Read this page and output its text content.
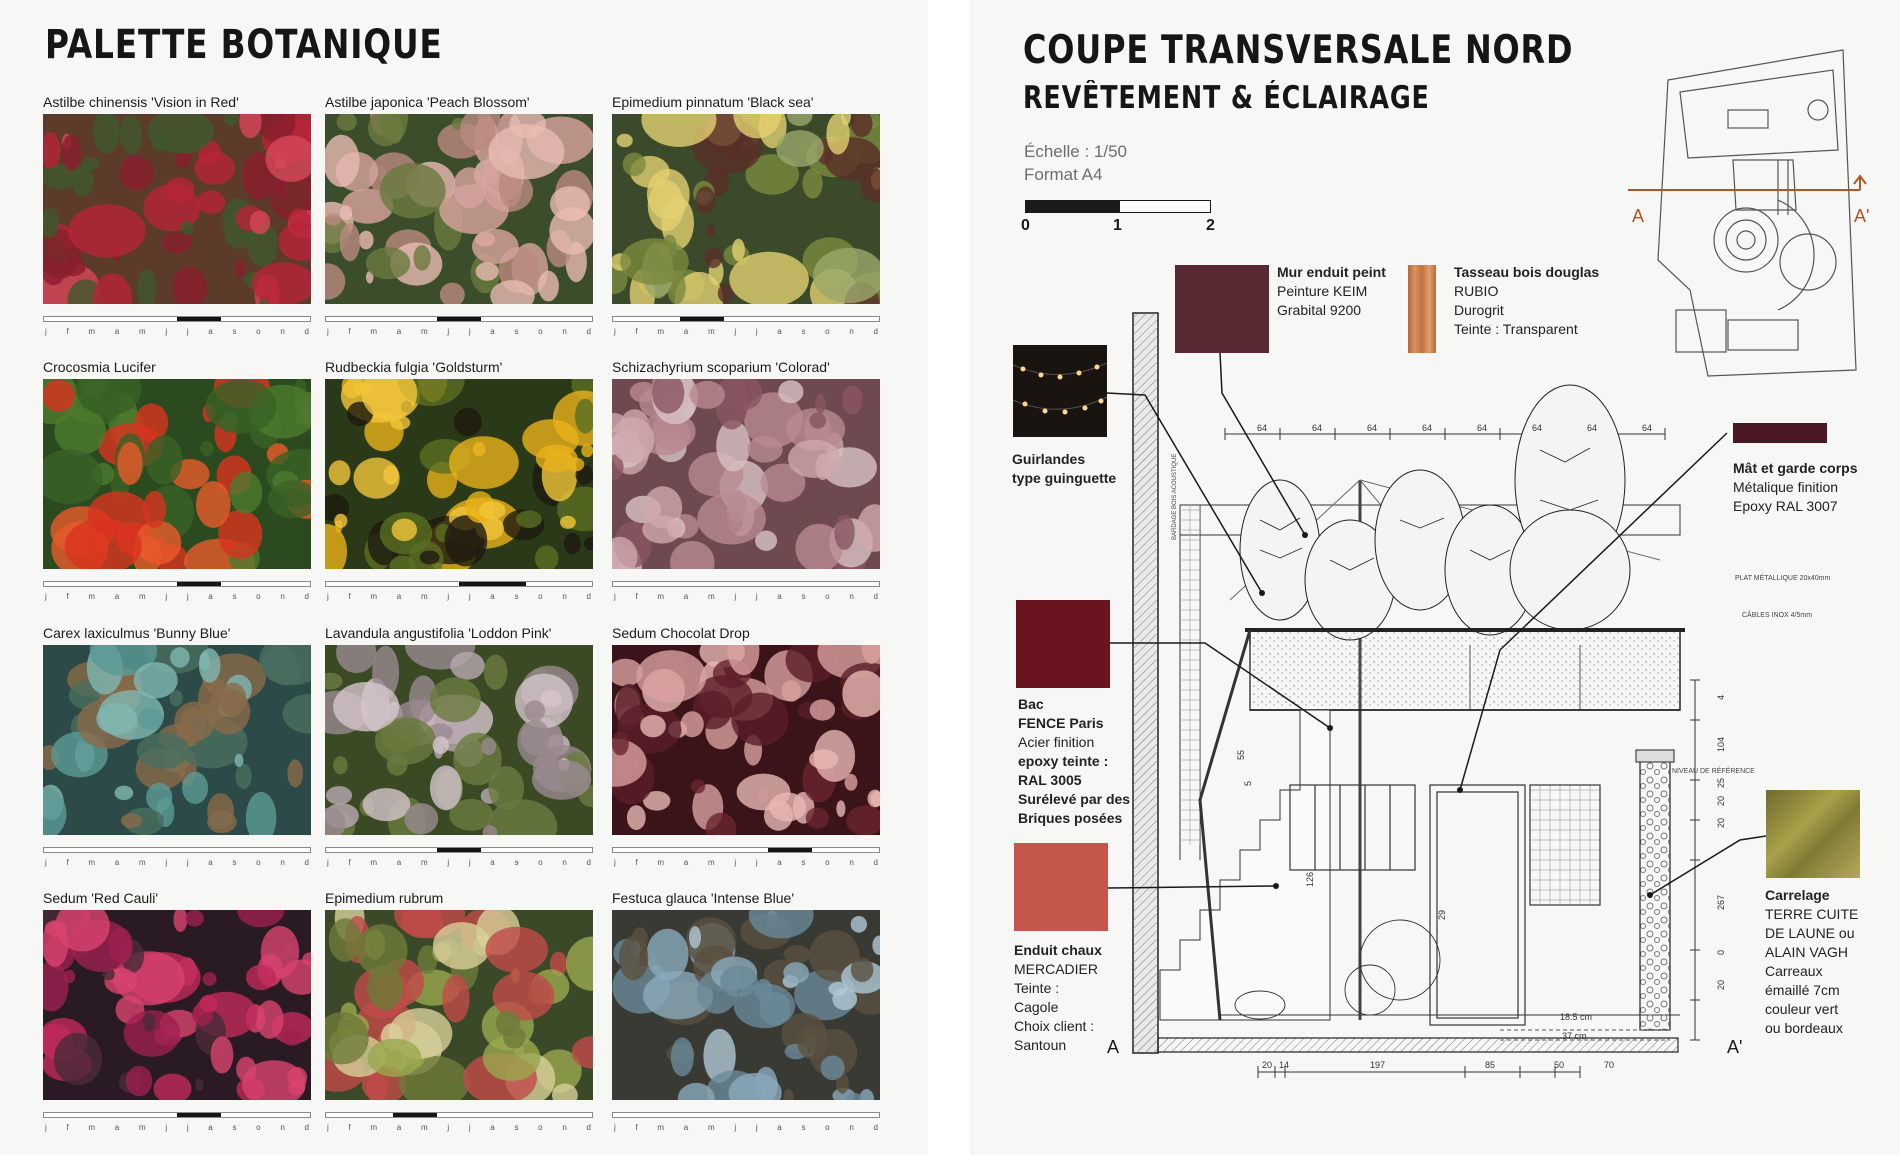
PALETTE BOTANIQUE
Astilbe chinensis 'Vision in Red'
j f m a m j j a s o n d
Astilbe japonica 'Peach Blossom'
j f m a m j j a s o n d
Epimedium pinnatum 'Black sea'
j f m a m j j a s o n d
Crocosmia Lucifer
j f m a m j j a s o n d
Rudbeckia fulgia 'Goldsturm'
j f m a m j j a s o n d
Schizachyrium scoparium 'Colorad'
j f m a m j j a s o n d
Carex laxiculmus 'Bunny Blue'
j f m a m j j a s o n d
Lavandula angustifolia 'Loddon Pink'
j f m a m j j a s o n d
Sedum Chocolat Drop
j f m a m j j a s o n d
Sedum 'Red Cauli'
j f m a m j j a s o n d
Epimedium rubrum
j f m a m j j a s o n d
Festuca glauca 'Intense Blue'
j f m a m j j a s o n d
COUPE TRANSVERSALE NORD
REVÊTEMENT & ÉCLAIRAGE
Échelle : 1/50
Format A4
0	1	2	A	A'
BARDAGE BOIS ACOUSTIQUE
PLAT MÉTALLIQUE 20x40mm
CÂBLES INOX 4/5mm
NIVEAU DE RÉFÉRENCE
64	64	64	64	64	64	64	64
20 14	197	85	50	70
4
104
20
25
20
267
0
20
55
5
126
29
18.5 cm
37 cm
A	A'
Mur enduit peint
Peinture KEIM
Grabital 9200
Tasseau bois douglas
RUBIO
Durogrit
Teinte : Transparent
Guirlandes
type guinguette
Mât et garde corps
Métalique finition
Epoxy RAL 3007
Bac
FENCE Paris
Acier finition
epoxy teinte :
RAL 3005
Surélevé par des
Briques posées
Enduit chaux
MERCADIER
Teinte :
Cagole
Choix client :
Santoun
Carrelage
TERRE CUITE
DE LAUNE ou
ALAIN VAGH
Carreaux
émaillé 7cm
couleur vert
ou bordeaux
